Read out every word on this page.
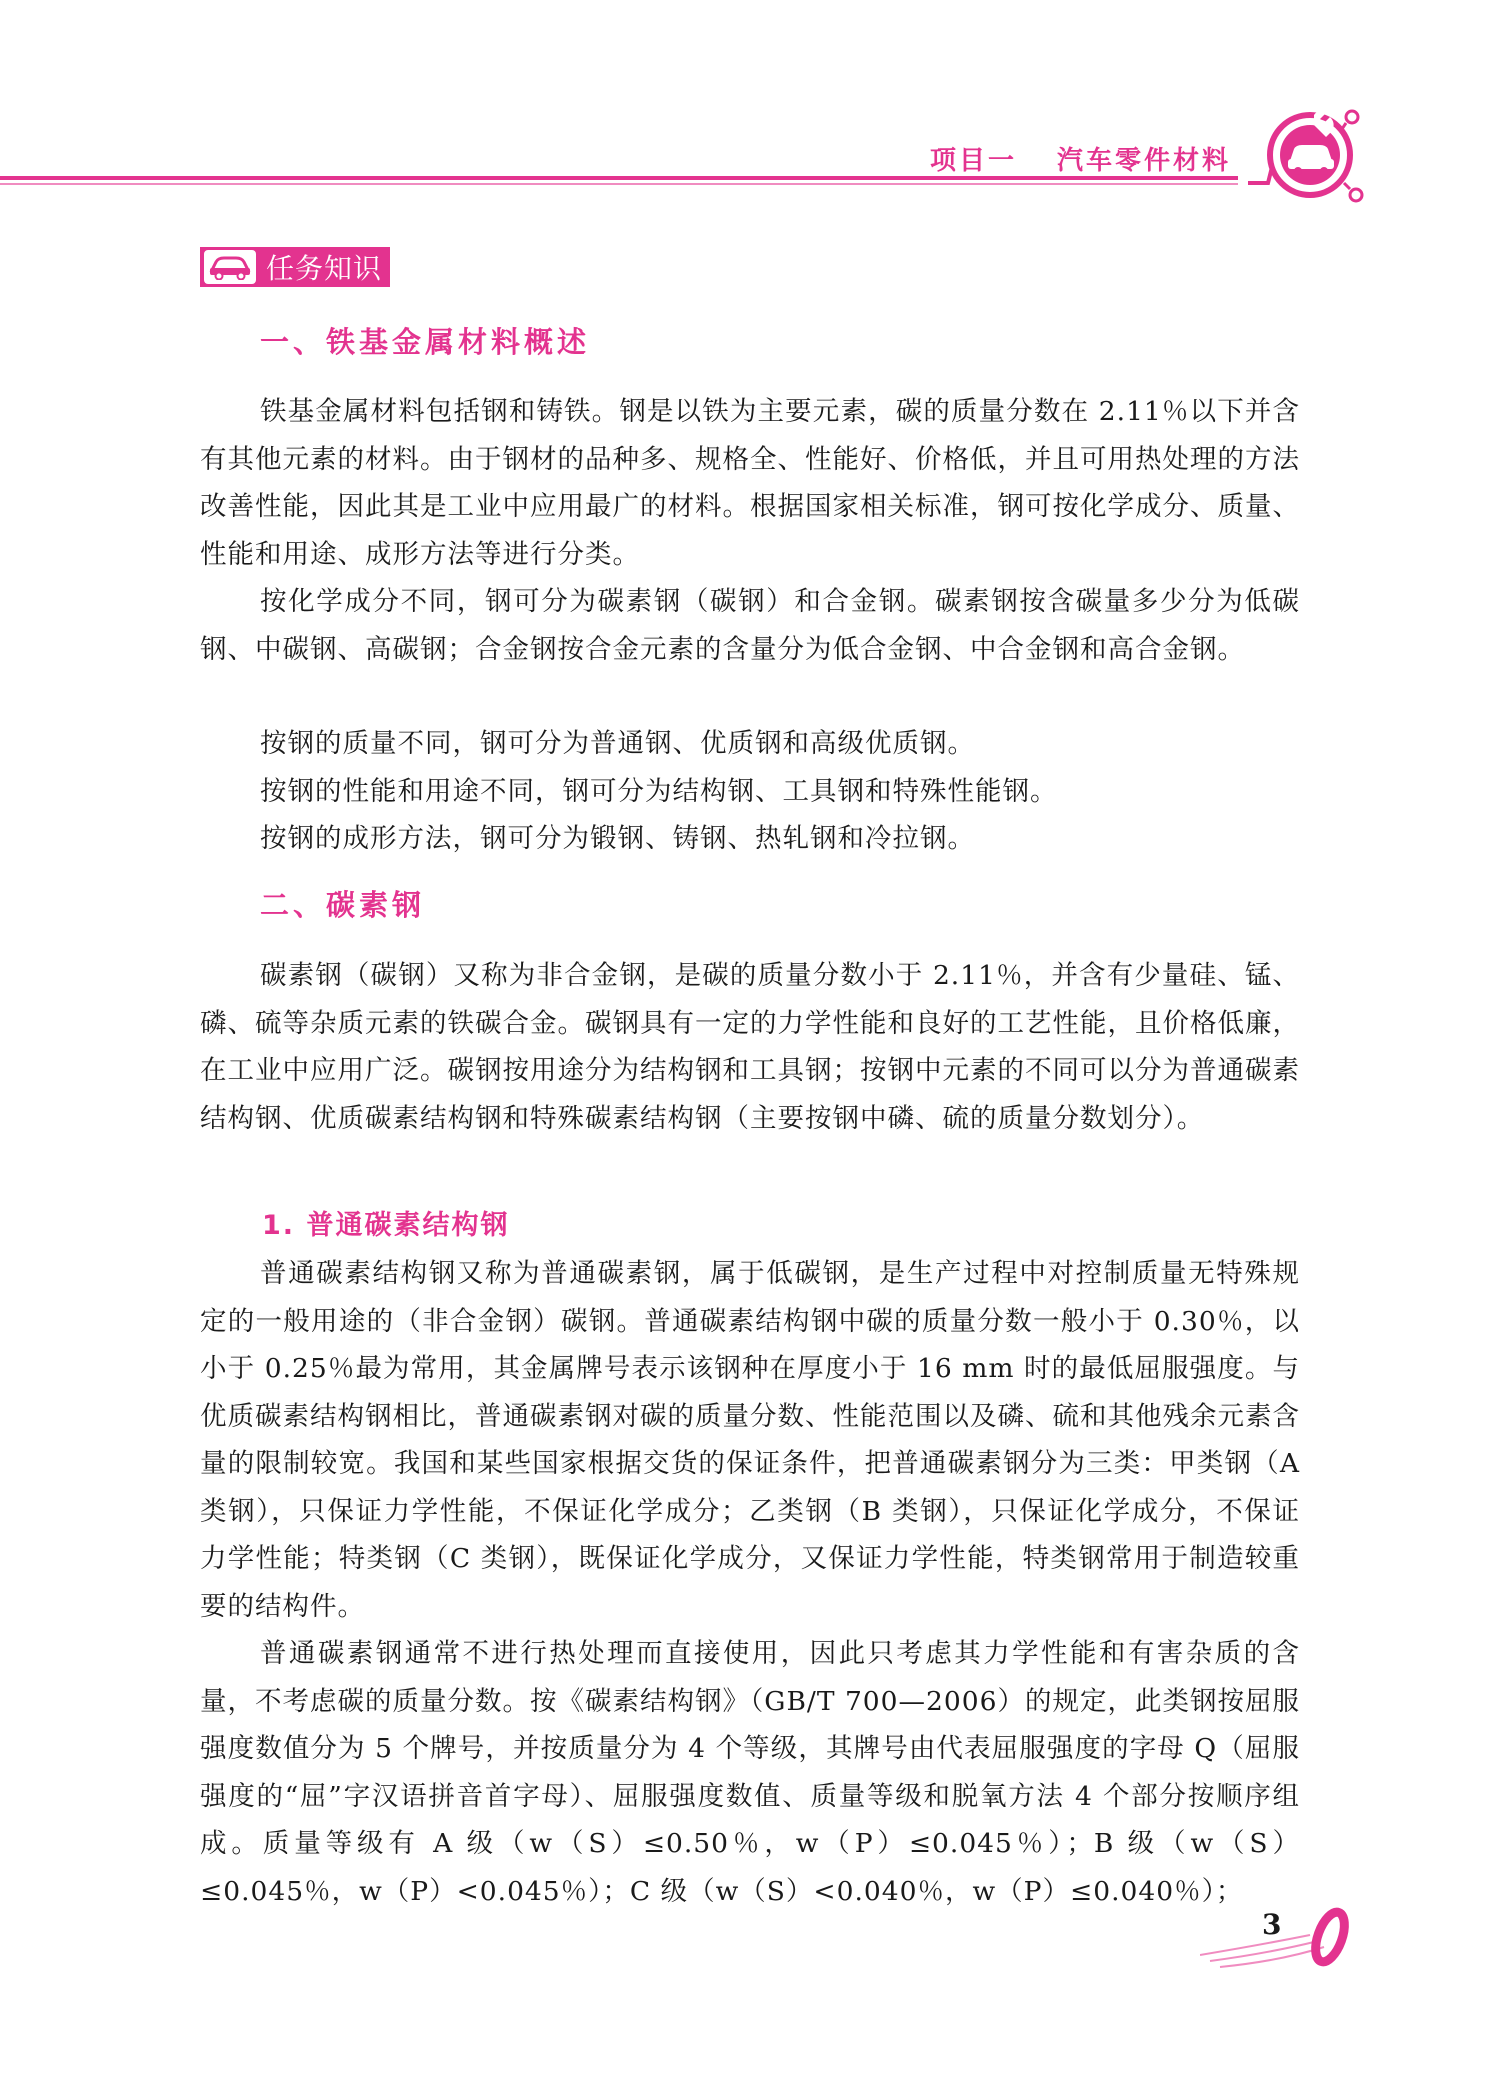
项目一 汽车零件材料
任务知识
一、铁基金属材料概述

铁基金属材料包括钢和铸铁。钢是以铁为主要元素，碳的质量分数在 2.11％以下并含有其他元素的材料。由于钢材的品种多、规格全、性能好、价格低，并且可用热处理的方法改善性能，因此其是工业中应用最广的材料。根据国家相关标准，钢可按化学成分、质量、性能和用途、成形方法等进行分类。

按化学成分不同，钢可分为碳素钢（碳钢）和合金钢。碳素钢按含碳量多少分为低碳钢、中碳钢、高碳钢；合金钢按合金元素的含量分为低合金钢、中合金钢和高合金钢。

按钢的质量不同，钢可分为普通钢、优质钢和高级优质钢。

按钢的性能和用途不同，钢可分为结构钢、工具钢和特殊性能钢。

按钢的成形方法，钢可分为锻钢、铸钢、热轧钢和冷拉钢。

二、碳素钢

碳素钢（碳钢）又称为非合金钢，是碳的质量分数小于 2.11％，并含有少量硅、锰、磷、硫等杂质元素的铁碳合金。碳钢具有一定的力学性能和良好的工艺性能，且价格低廉，在工业中应用广泛。碳钢按用途分为结构钢和工具钢；按钢中元素的不同可以分为普通碳素结构钢、优质碳素结构钢和特殊碳素结构钢（主要按钢中磷、硫的质量分数划分）。

1. 普通碳素结构钢

普通碳素结构钢又称为普通碳素钢，属于低碳钢，是生产过程中对控制质量无特殊规定的一般用途的（非合金钢）碳钢。普通碳素结构钢中碳的质量分数一般小于 0.30％，以小于 0.25％最为常用，其金属牌号表示该钢种在厚度小于 16 mm 时的最低屈服强度。与优质碳素结构钢相比，普通碳素钢对碳的质量分数、性能范围以及磷、硫和其他残余元素含量的限制较宽。我国和某些国家根据交货的保证条件，把普通碳素钢分为三类：甲类钢（A 类钢），只保证力学性能，不保证化学成分；乙类钢（B 类钢），只保证化学成分，不保证力学性能；特类钢（C 类钢），既保证化学成分，又保证力学性能，特类钢常用于制造较重要的结构件。

普通碳素钢通常不进行热处理而直接使用，因此只考虑其力学性能和有害杂质的含量，不考虑碳的质量分数。按《碳素结构钢》（GB/T 700—2006）的规定，此类钢按屈服强度数值分为 5 个牌号，并按质量分为 4 个等级，其牌号由代表屈服强度的字母 Q（屈服强度的“屈”字汉语拼音首字母）、屈服强度数值、质量等级和脱氧方法 4 个部分按顺序组成。质量等级有 A 级（w（S）≤0.50％，w（P）≤0.045％）；B 级（w（S）≤0.045％，w（P）<0.045％）；C 级（w（S）<0.040％，w（P）≤0.040％）；

3
